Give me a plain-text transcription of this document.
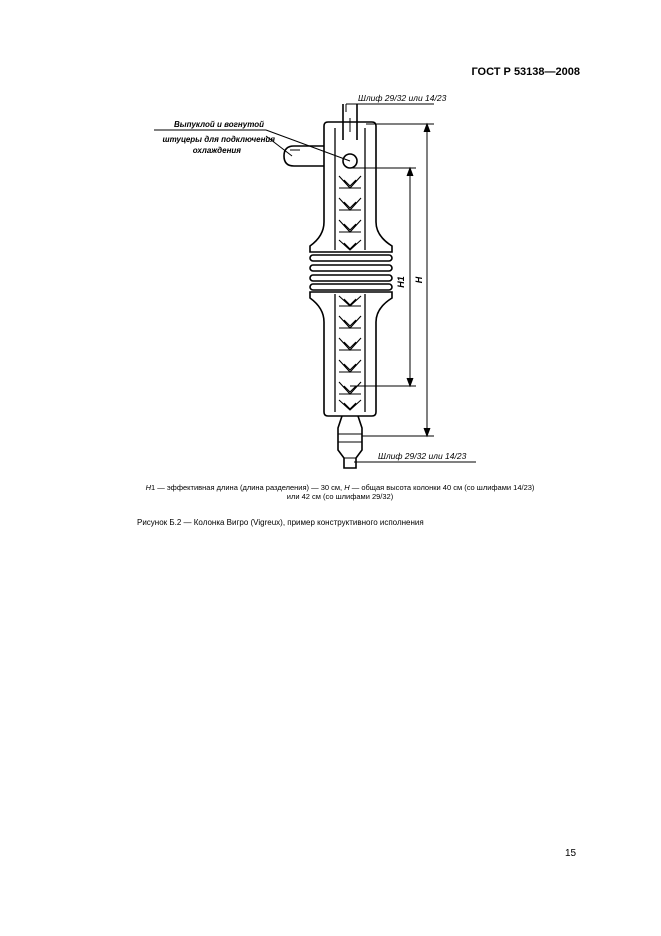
ГОСТ Р 53138—2008
Шлиф 29/32 или 14/23
Выпуклой и вогнутой
штуцеры для подключения
охлаждения
H1 H
Шлиф 29/32 или 14/23
H1 — эффективная длина (длина разделения) — 30 см, H — общая высота колонки 40 см (со шлифами 14/23)
или 42 см (со шлифами 29/32)
Рисунок Б.2 — Колонка Вигро (Vigreux), пример конструктивного исполнения
15
